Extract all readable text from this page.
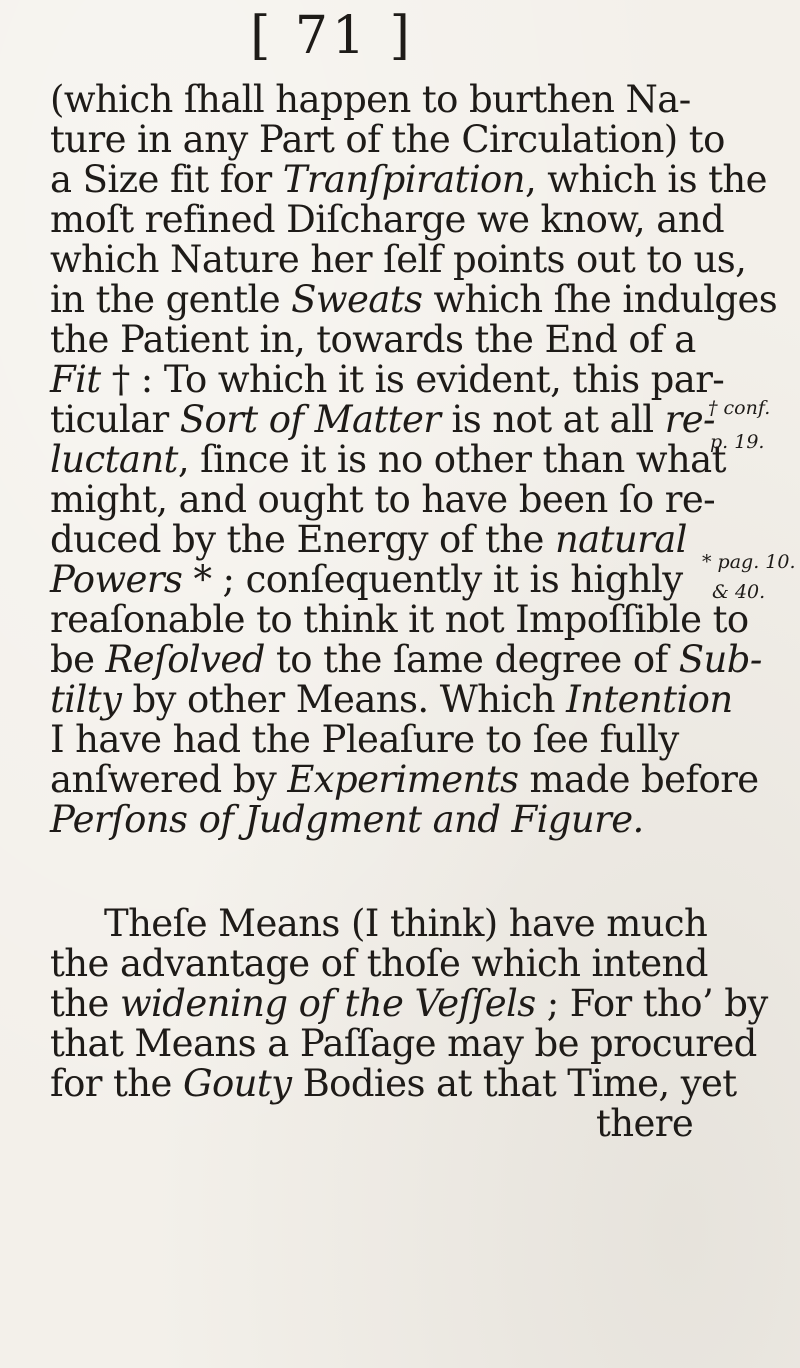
[ 71 ]
(which ſhall happen to burthen Na-
ture in any Part of the Circulation) to
a Size fit for Tranſpiration, which is the
moſt refined Diſcharge we know, and
which Nature her ſelf points out to us,
in the gentle Sweats which ſhe indulges
the Patient in, towards the End of a
Fit † : To which it is evident, this par-
ticular Sort of Matter is not at all re-
luctant, ſince it is no other than what
might, and ought to have been ſo re-
duced by the Energy of the natural
Powers * ; conſequently it is highly
reaſonable to think it not Impoſſible to
be Reſolved to the ſame degree of Sub-
tilty by other Means. Which Intention
I have had the Pleaſure to ſee fully
anſwered by Experiments made before
Perſons of Judgment and Figure.
Theſe Means (I think) have much
the advantage of thoſe which intend
the widening of the Veſſels ; For tho’ by
that Means a Paſſage may be procured
for the Gouty Bodies at that Time, yet
there
† conf.
p. 19.
* pag. 10.
& 40.
